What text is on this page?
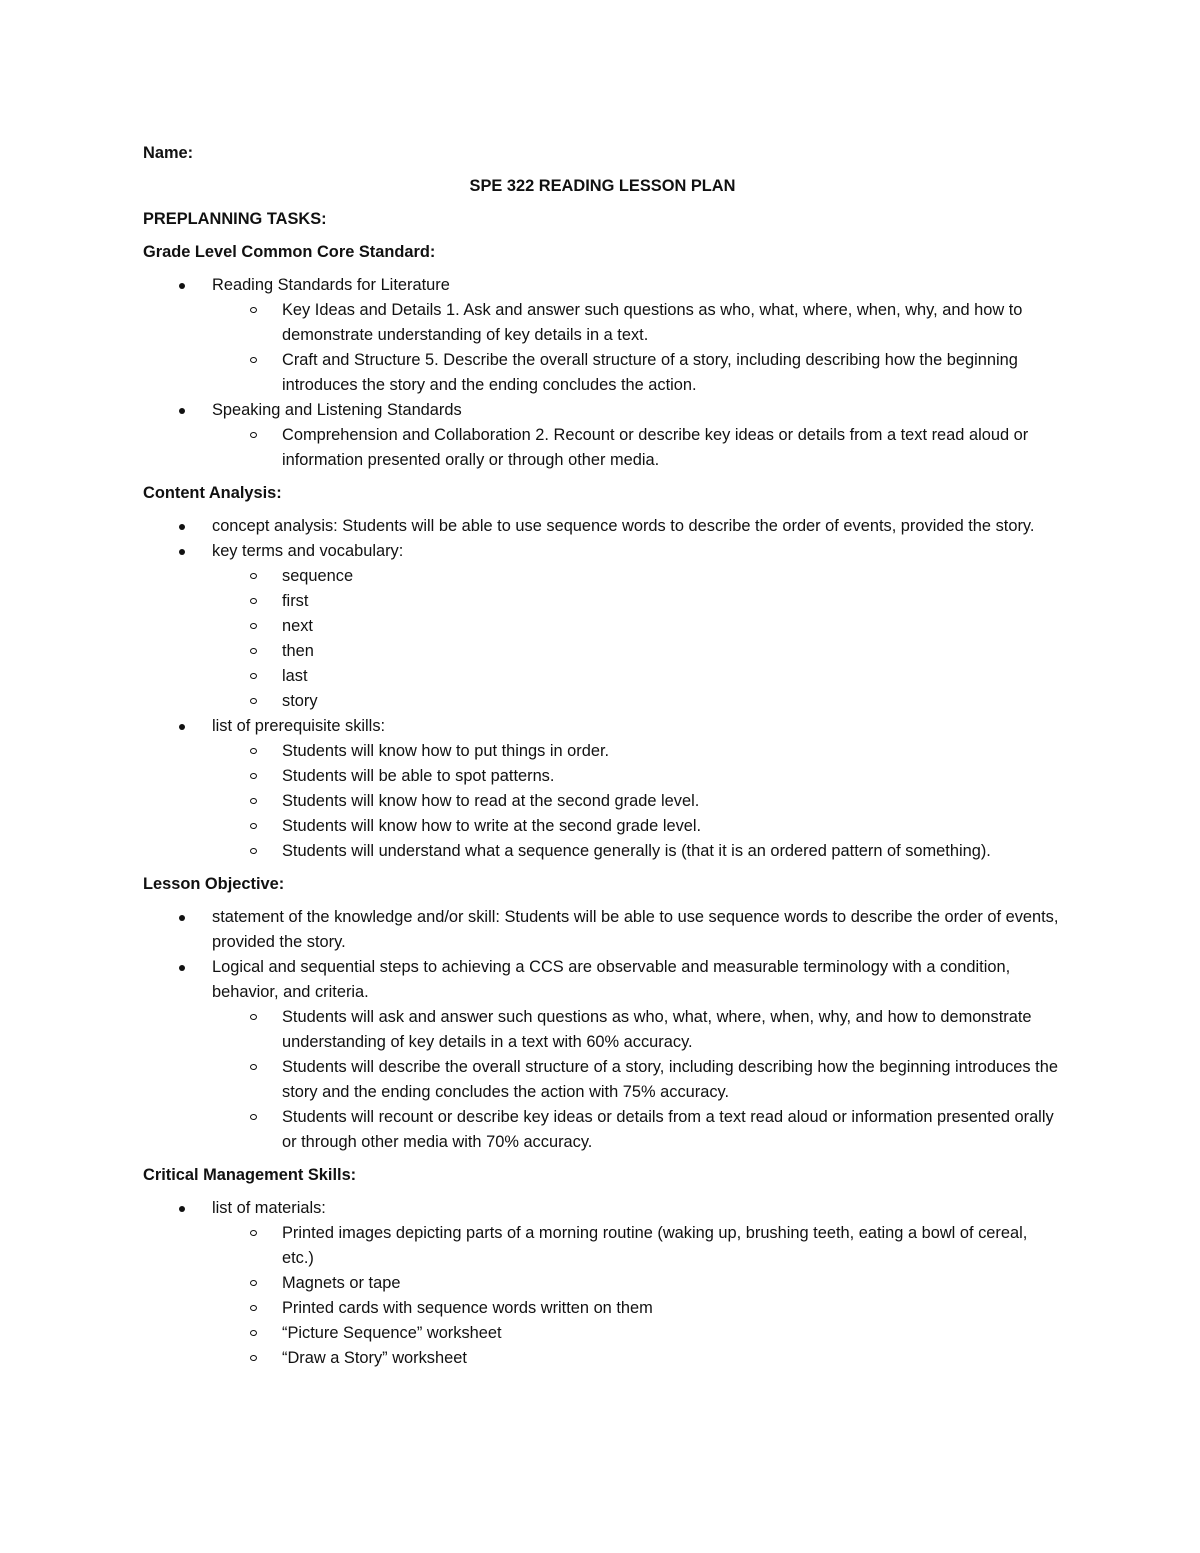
Name:
SPE 322 READING LESSON PLAN
PREPLANNING TASKS:
Grade Level Common Core Standard:
Reading Standards for Literature
Key Ideas and Details 1. Ask and answer such questions as who, what, where, when, why, and how to demonstrate understanding of key details in a text.
Craft and Structure 5. Describe the overall structure of a story, including describing how the beginning introduces the story and the ending concludes the action.
Speaking and Listening Standards
Comprehension and Collaboration 2. Recount or describe key ideas or details from a text read aloud or information presented orally or through other media.
Content Analysis:
concept analysis: Students will be able to use sequence words to describe the order of events, provided the story.
key terms and vocabulary:
sequence
first
next
then
last
story
list of prerequisite skills:
Students will know how to put things in order.
Students will be able to spot patterns.
Students will know how to read at the second grade level.
Students will know how to write at the second grade level.
Students will understand what a sequence generally is (that it is an ordered pattern of something).
Lesson Objective:
statement of the knowledge and/or skill: Students will be able to use sequence words to describe the order of events, provided the story.
Logical and sequential steps to achieving a CCS are observable and measurable terminology with a condition, behavior, and criteria.
Students will ask and answer such questions as who, what, where, when, why, and how to demonstrate understanding of key details in a text with 60% accuracy.
Students will describe the overall structure of a story, including describing how the beginning introduces the story and the ending concludes the action with 75% accuracy.
Students will recount or describe key ideas or details from a text read aloud or information presented orally or through other media with 70% accuracy.
Critical Management Skills:
list of materials:
Printed images depicting parts of a morning routine (waking up, brushing teeth, eating a bowl of cereal, etc.)
Magnets or tape
Printed cards with sequence words written on them
“Picture Sequence” worksheet
“Draw a Story” worksheet
